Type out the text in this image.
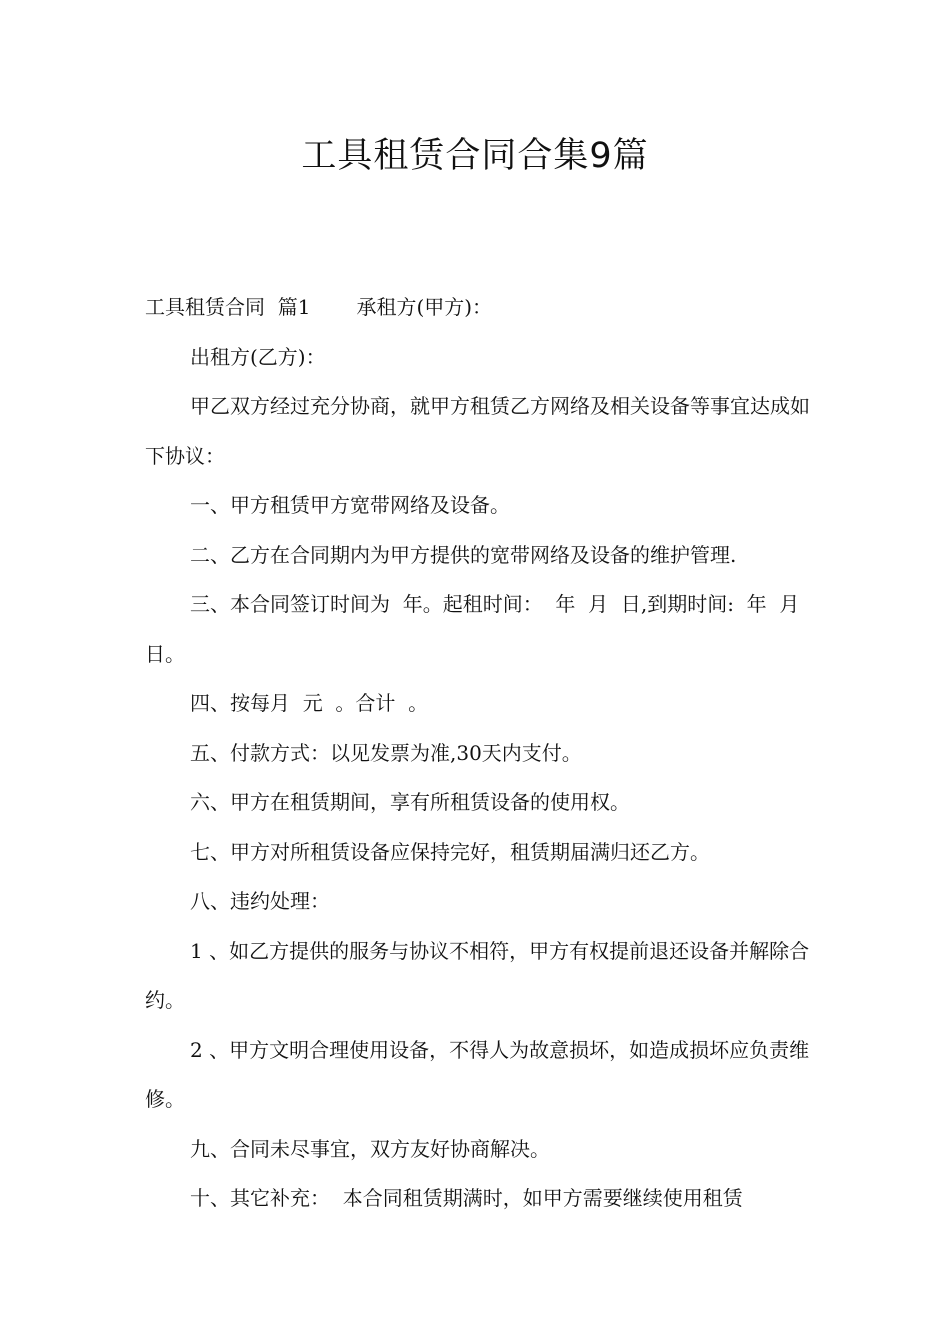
工具租赁合同合集9篇

工具租赁合同  篇1 承租方(甲方)：

出租方(乙方)：

甲乙双方经过充分协商，就甲方租赁乙方网络及相关设备等事宜达成如下协议：

一、甲方租赁甲方宽带网络及设备。

二、乙方在合同期内为甲方提供的宽带网络及设备的维护管理.

三、本合同签订时间为  年。起租时间：  年  月  日,到期时间:  年  月  日。

四、按每月  元  。合计  。

五、付款方式：以见发票为准,30天内支付。

六、甲方在租赁期间，享有所租赁设备的使用权。

七、甲方对所租赁设备应保持完好，租赁期届满归还乙方。

八、违约处理：

1 、如乙方提供的服务与协议不相符，甲方有权提前退还设备并解除合约。

2 、甲方文明合理使用设备，不得人为故意损坏，如造成损坏应负责维修。

九、合同未尽事宜，双方友好协商解决。

十、其它补充：  本合同租赁期满时，如甲方需要继续使用租赁
